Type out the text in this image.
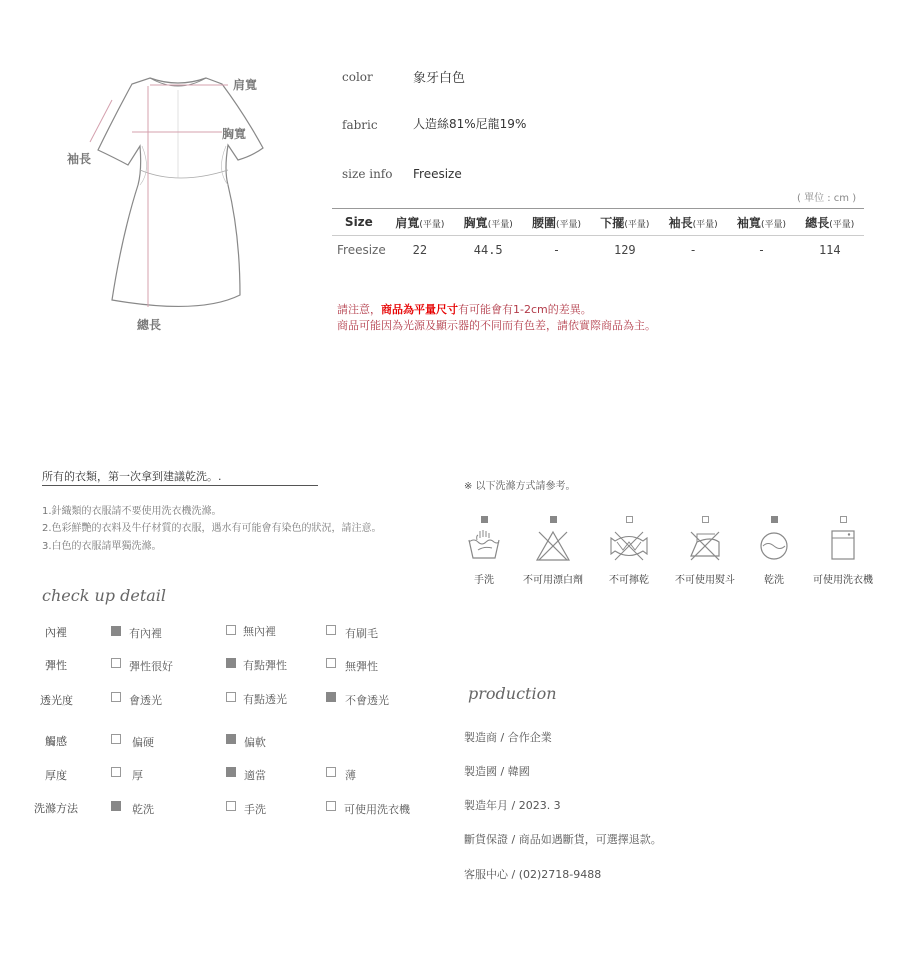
肩寬
胸寬
袖長
總長
color	象牙白色
fabric	人造絲81%尼龍19%
size info Freesize
( 單位 : cm )
Size	肩寬(平量)	胸寬(平量)	腰圍(平量)	下擺(平量)	袖長(平量)	袖寬(平量)	總長(平量)
Freesize	22	44.5	-	129	-	-	114
請注意，商品為平量尺寸有可能會有1-2cm的差異。
商品可能因為光源及顯示器的不同而有色差，請依實際商品為主。
所有的衣類，第一次拿到建議乾洗。.
1.針織類的衣服請不要使用洗衣機洗滌。
2.色彩鮮艷的衣料及牛仔材質的衣服，遇水有可能會有染色的狀況，請注意。
3.白色的衣服請單獨洗滌。
check up detail
內裡	有內裡	無內裡	有刷毛
彈性	彈性很好	有點彈性	無彈性
透光度	會透光	有點透光	不會透光
觸感	偏硬	偏軟
厚度	厚	適當	薄
洗滌方法	乾洗	手洗	可使用洗衣機
※ 以下洗滌方式請參考。
手洗	不可用漂白劑	不可擰乾	不可使用熨斗	乾洗	可使用洗衣機
production
製造商 / 合作企業
製造國 / 韓國
製造年月 / 2023. 3
斷貨保證 / 商品如遇斷貨，可選擇退款。
客服中心 / (02)2718-9488
